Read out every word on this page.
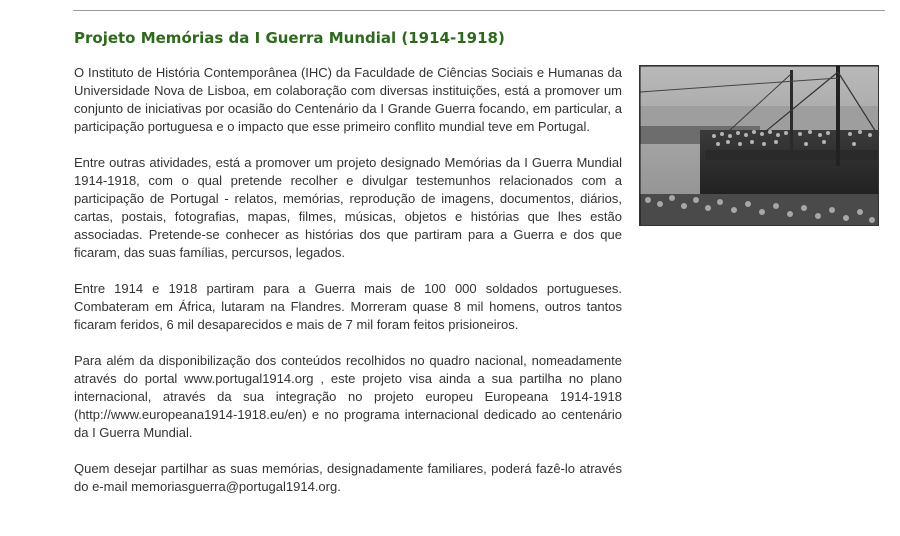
Projeto Memórias da I Guerra Mundial (1914-1918)

O Instituto de História Contemporânea (IHC) da Faculdade de Ciências Sociais e Humanas da Universidade Nova de Lisboa, em colaboração com diversas instituições, está a promover um conjunto de iniciativas por ocasião do Centenário da I Grande Guerra focando, em particular, a participação portuguesa e o impacto que esse primeiro conflito mundial teve em Portugal.

Entre outras atividades, está a promover um projeto designado Memórias da I Guerra Mundial 1914-1918, com o qual pretende recolher e divulgar testemunhos relacionados com a participação de Portugal - relatos, memórias, reprodução de imagens, documentos, diários, cartas, postais, fotografias, mapas, filmes, músicas, objetos e histórias que lhes estão associadas. Pretende-se conhecer as histórias dos que partiram para a Guerra e dos que ficaram, das suas famílias, percursos, legados.

Entre 1914 e 1918 partiram para a Guerra mais de 100 000 soldados portugueses. Combateram em África, lutaram na Flandres. Morreram quase 8 mil homens, outros tantos ficaram feridos, 6 mil desaparecidos e mais de 7 mil foram feitos prisioneiros.

Para além da disponibilização dos conteúdos recolhidos no quadro nacional, nomeadamente através do portal www.portugal1914.org , este projeto visa ainda a sua partilha no plano internacional, através da sua integração no projeto europeu Europeana 1914-1918 (http://www.europeana1914-1918.eu/en) e no programa internacional dedicado ao centenário da I Guerra Mundial.

Quem desejar partilhar as suas memórias, designadamente familiares, poderá fazê-lo através do e-mail memoriasguerra@portugal1914.org.
